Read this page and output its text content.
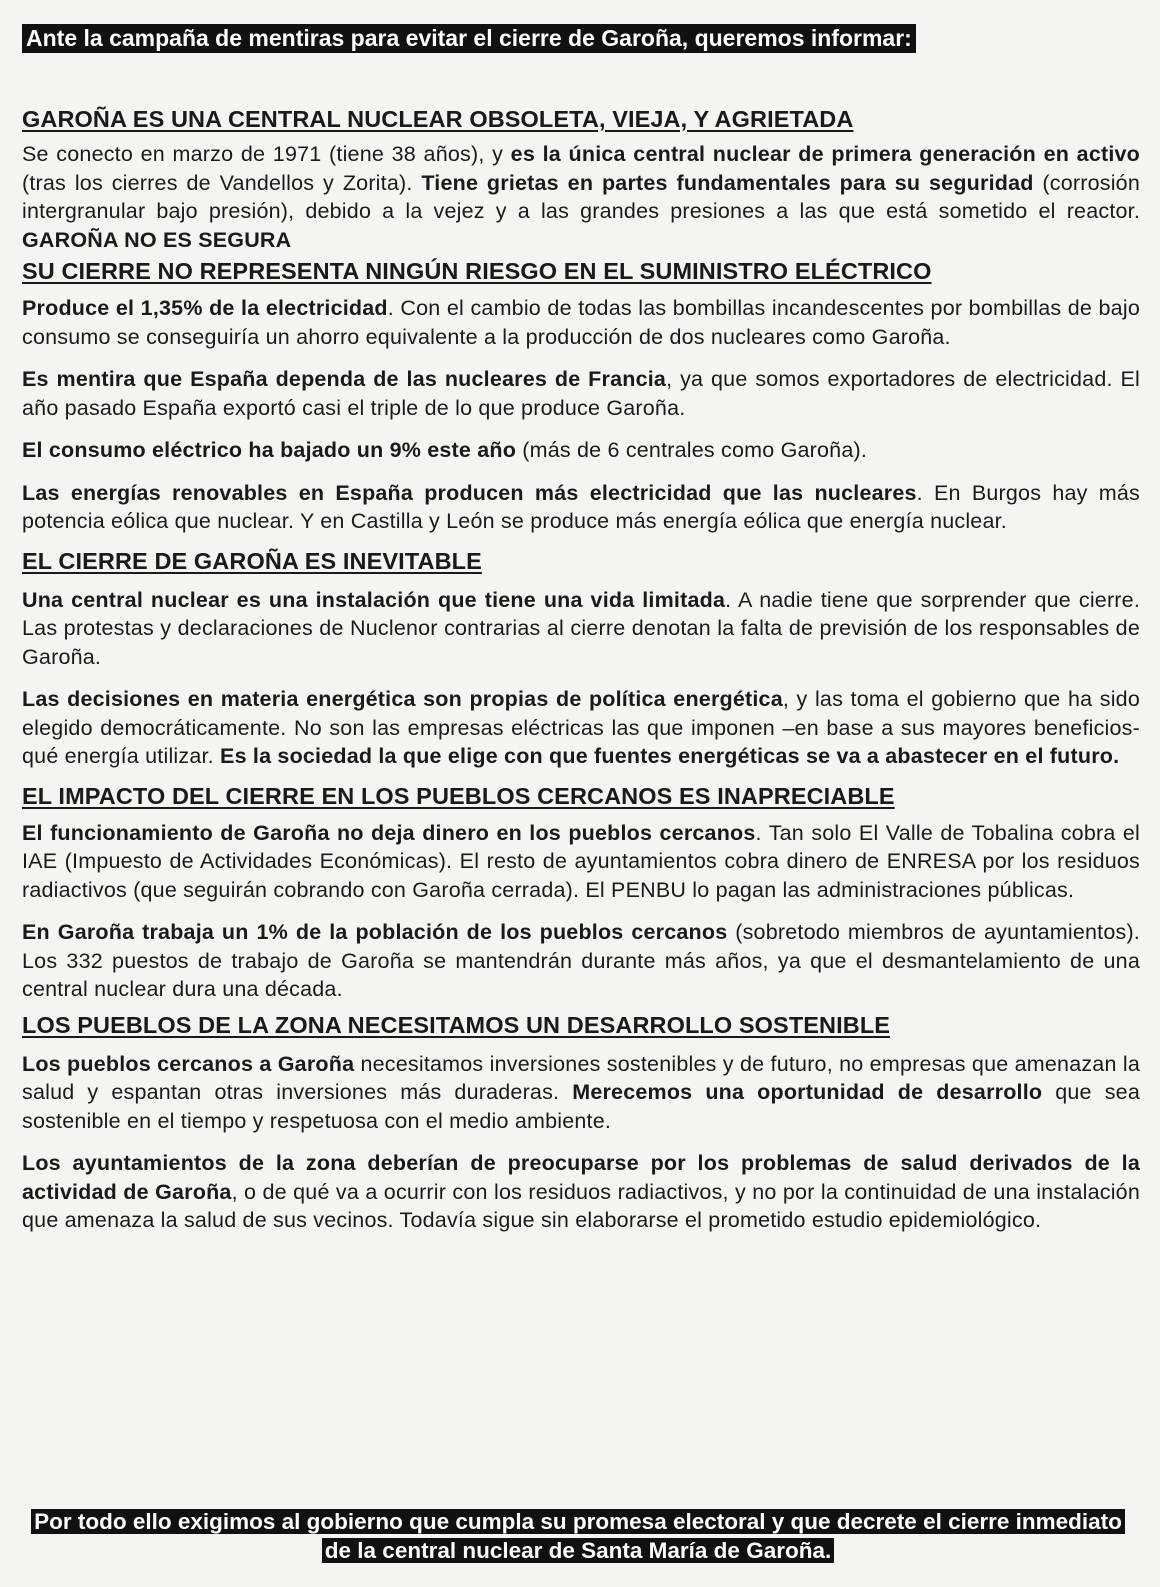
Ante la campaña de mentiras para evitar el cierre de Garoña, queremos informar:
GAROÑA ES UNA CENTRAL NUCLEAR OBSOLETA, VIEJA, Y AGRIETADA

Se conecto en marzo de 1971 (tiene 38 años), y es la única central nuclear de primera generación en activo (tras los cierres de Vandellos y Zorita). Tiene grietas en partes fundamentales para su seguridad (corrosión intergranular bajo presión), debido a la vejez y a las grandes presiones a las que está sometido el reactor. GAROÑA NO ES SEGURA

SU CIERRE NO REPRESENTA NINGÚN RIESGO EN EL SUMINISTRO ELÉCTRICO

Produce el 1,35% de la electricidad. Con el cambio de todas las bombillas incandescentes por bombillas de bajo consumo se conseguiría un ahorro equivalente a la producción de dos nucleares como Garoña.

Es mentira que España dependa de las nucleares de Francia, ya que somos exportadores de electricidad. El año pasado España exportó casi el triple de lo que produce Garoña.

El consumo eléctrico ha bajado un 9% este año (más de 6 centrales como Garoña).

Las energías renovables en España producen más electricidad que las nucleares. En Burgos hay más potencia eólica que nuclear. Y en Castilla y León se produce más energía eólica que energía nuclear.

EL CIERRE DE GAROÑA ES INEVITABLE

Una central nuclear es una instalación que tiene una vida limitada. A nadie tiene que sorprender que cierre. Las protestas y declaraciones de Nuclenor contrarias al cierre denotan la falta de previsión de los responsables de Garoña.

Las decisiones en materia energética son propias de política energética, y las toma el gobierno que ha sido elegido democráticamente. No son las empresas eléctricas las que imponen –en base a sus mayores beneficios- qué energía utilizar. Es la sociedad la que elige con que fuentes energéticas se va a abastecer en el futuro.

EL IMPACTO DEL CIERRE EN LOS PUEBLOS CERCANOS ES INAPRECIABLE

El funcionamiento de Garoña no deja dinero en los pueblos cercanos. Tan solo El Valle de Tobalina cobra el IAE (Impuesto de Actividades Económicas). El resto de ayuntamientos cobra dinero de ENRESA por los residuos radiactivos (que seguirán cobrando con Garoña cerrada). El PENBU lo pagan las administraciones públicas.

En Garoña trabaja un 1% de la población de los pueblos cercanos (sobretodo miembros de ayuntamientos). Los 332 puestos de trabajo de Garoña se mantendrán durante más años, ya que el desmantelamiento de una central nuclear dura una década.

LOS PUEBLOS DE LA ZONA NECESITAMOS UN DESARROLLO SOSTENIBLE

Los pueblos cercanos a Garoña necesitamos inversiones sostenibles y de futuro, no empresas que amenazan la salud y espantan otras inversiones más duraderas. Merecemos una oportunidad de desarrollo que sea sostenible en el tiempo y respetuosa con el medio ambiente.

Los ayuntamientos de la zona deberían de preocuparse por los problemas de salud derivados de la actividad de Garoña, o de qué va a ocurrir con los residuos radiactivos, y no por la continuidad de una instalación que amenaza la salud de sus vecinos. Todavía sigue sin elaborarse el prometido estudio epidemiológico.

Por todo ello exigimos al gobierno que cumpla su promesa electoral y que decrete el cierre inmediato de la central nuclear de Santa María de Garoña.
